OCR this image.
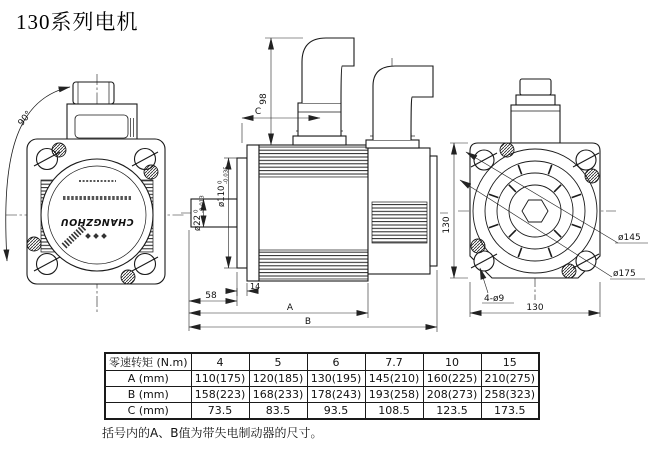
130系列电机
CHANGZHOU
90°
98
C
ø22
0 -0.013 ø110
0 -0.035
58
14
A
B
130
130
ø145
ø175
4-ø9
零速转矩 (N.m)	4	5	6	7.7	10	15
A (mm)	110(175)	120(185)	130(195)	145(210)	160(225)	210(275)
B (mm)	158(223)	168(233)	178(243)	193(258)	208(273)	258(323)
C (mm)	73.5	83.5	93.5	108.5	123.5	173.5
括号内的A、B值为带失电制动器的尺寸。
